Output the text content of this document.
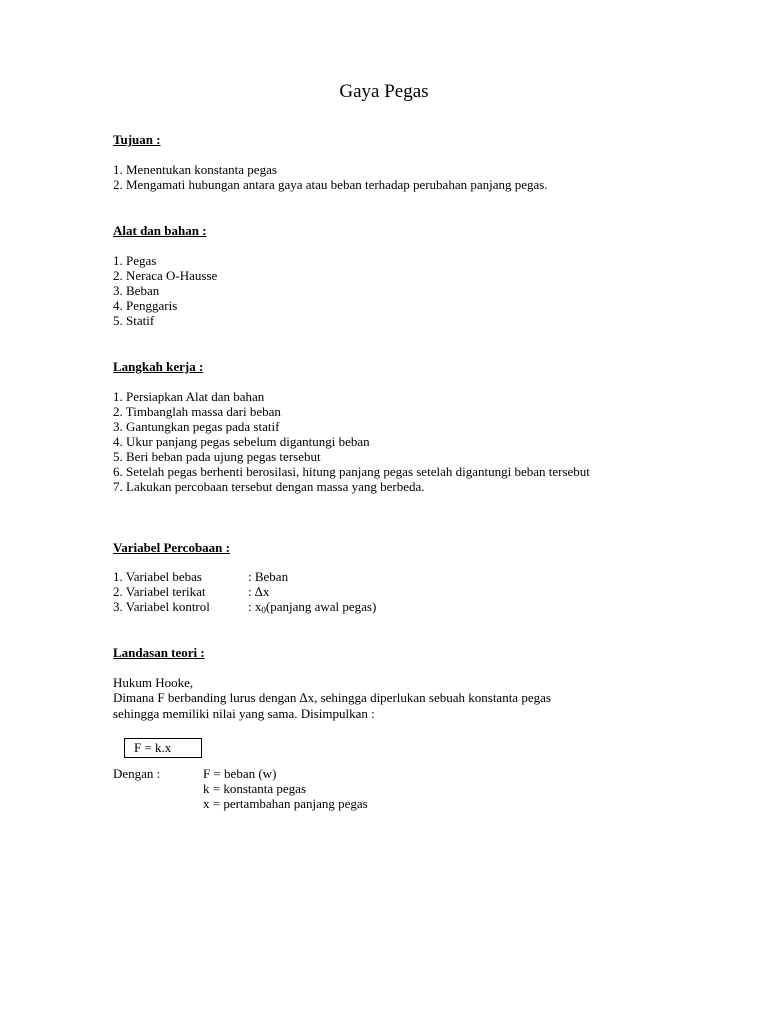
Gaya Pegas
Tujuan :
1. Menentukan konstanta pegas
2. Mengamati hubungan antara gaya atau beban terhadap perubahan panjang pegas.
Alat dan bahan :
1. Pegas
2. Neraca O-Hausse
3. Beban
4. Penggaris
5. Statif
Langkah kerja :
1. Persiapkan Alat dan bahan
2. Timbanglah massa dari beban
3. Gantungkan pegas pada statif
4. Ukur panjang pegas sebelum digantungi beban
5. Beri beban pada ujung pegas tersebut
6. Setelah pegas berhenti berosilasi, hitung panjang pegas setelah digantungi beban tersebut
7. Lakukan percobaan tersebut dengan massa yang berbeda.
Variabel Percobaan :
1. Variabel bebas	: Beban
2. Variabel terikat	: ∆x
3. Variabel kontrol	: $x_0(panjang$ awal pegas)
Landasan teori :
Hukum Hooke,
Dimana F berbanding lurus dengan ∆x, sehingga diperlukan sebuah konstanta pegas
sehingga memiliki nilai yang sama. Disimpulkan :
F = k.x
Dengan :	F = beban (w)
k = konstanta pegas
x = pertambahan panjang pegas
